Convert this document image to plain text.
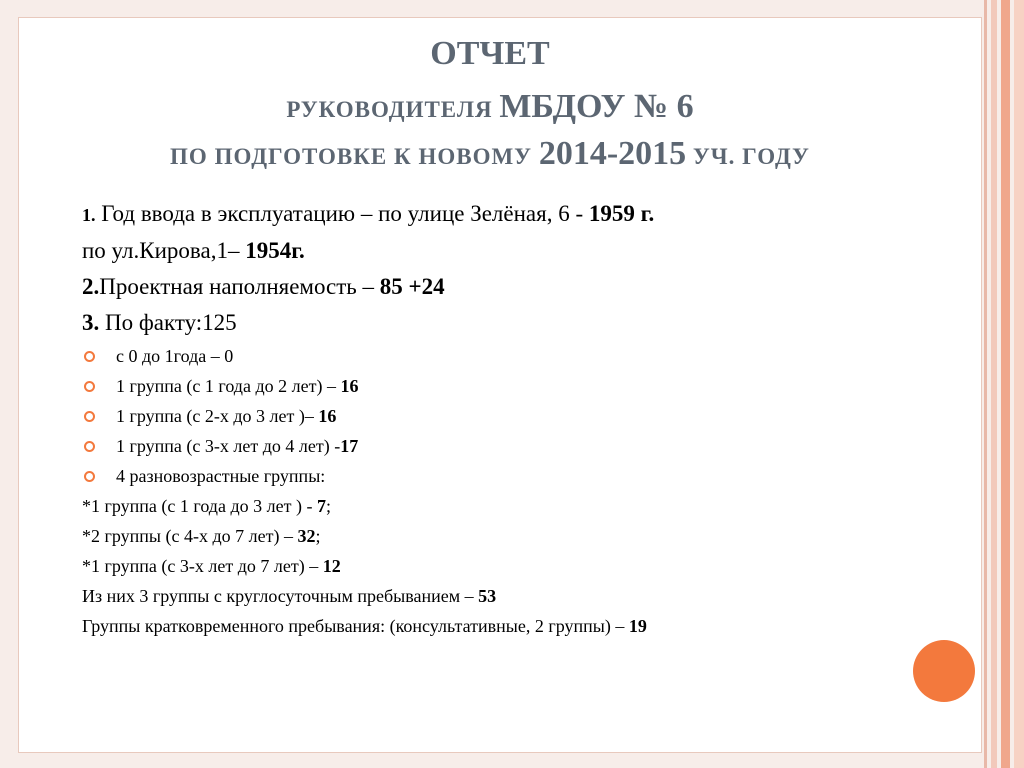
ОТЧЕТ
РУКОВОДИТЕЛЯ МБДОУ № 6
ПО ПОДГОТОВКЕ К НОВОМУ 2014-2015 УЧ. ГОДУ

1. Год ввода в эксплуатацию – по улице Зелёная, 6 - 1959 г.

по ул.Кирова,1– 1954г.

2.Проектная наполняемость – 85 +24

3. По факту:125

с 0 до 1года – 0

1 группа (с 1 года до 2 лет) – 16

1 группа (с 2-х до 3 лет )– 16

1 группа (с 3-х лет до 4 лет) -17

4 разновозрастные группы:

*1 группа (с 1 года до 3 лет ) - 7;

*2 группы (с 4-х до 7 лет) – 32;

*1 группа (с 3-х лет до 7 лет) – 12

Из них 3 группы с круглосуточным пребыванием – 53

Группы кратковременного пребывания: (консультативные, 2 группы) – 19
